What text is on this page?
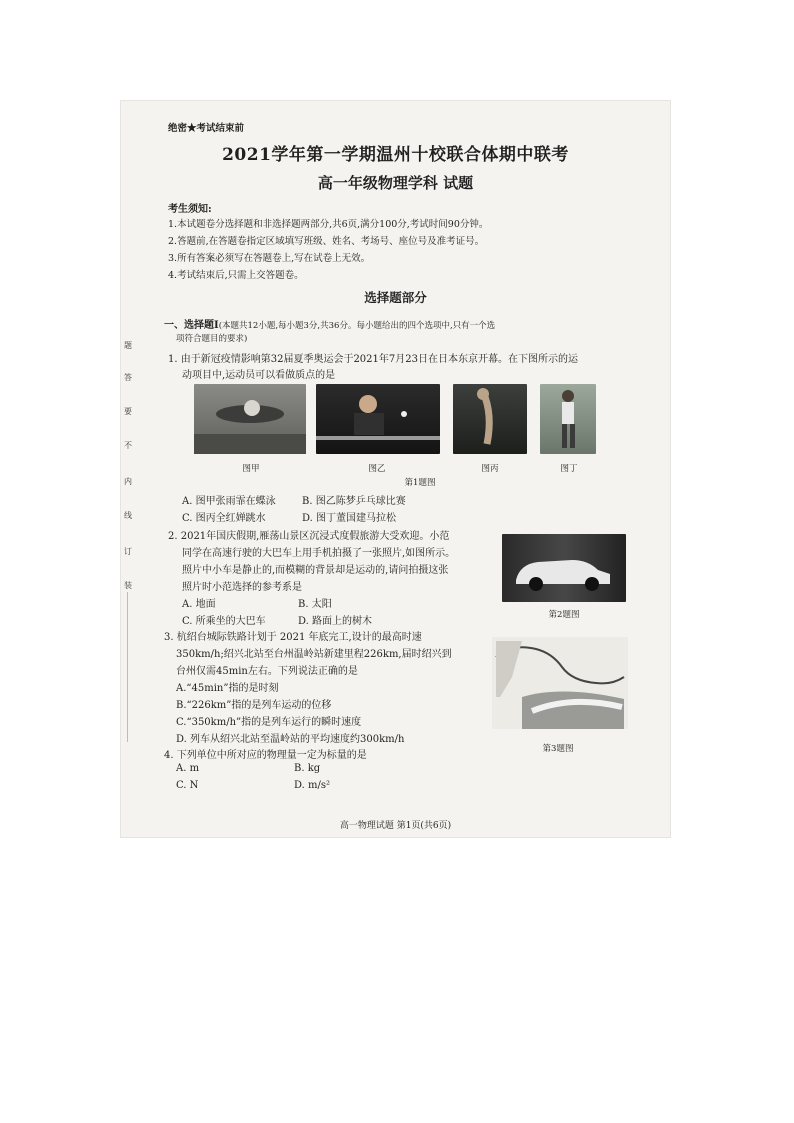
题
答
要
不
内
线
订
装
绝密★考试结束前
2021学年第一学期温州十校联合体期中联考
高一年级物理学科 试题
考生须知:
1.本试题卷分选择题和非选择题两部分,共6页,满分100分,考试时间90分钟。
2.答题前,在答题卷指定区域填写班级、姓名、考场号、座位号及准考证号。
3.所有答案必须写在答题卷上,写在试卷上无效。
4.考试结束后,只需上交答题卷。
选择题部分
一、选择题Ⅰ(本题共12小题,每小题3分,共36分。每小题给出的四个选项中,只有一个选
项符合题目的要求)
1. 由于新冠疫情影响第32届夏季奥运会于2021年7月23日在日本东京开幕。在下图所示的运
动项目中,运动员可以看做质点的是
图甲	图乙	图丙	图丁
第1题图
A. 图甲张雨霏在蝶泳	B. 图乙陈梦乒乓球比赛
C. 图丙全红婵跳水	D. 图丁董国建马拉松
2. 2021年国庆假期,雁荡山景区沉浸式度假旅游大受欢迎。小范
同学在高速行驶的大巴车上用手机拍摄了一张照片,如图所示。
照片中小车是静止的,而模糊的背景却是运动的,请问拍摄这张
照片时小范选择的参考系是
A. 地面	B. 太阳
C. 所乘坐的大巴车	D. 路面上的树木
第2题图
3. 杭绍台城际铁路计划于 2021 年底完工,设计的最高时速
350km/h;绍兴北站至台州温岭站新建里程226km,届时绍兴到
台州仅需45min左右。下列说法正确的是
A.“45min”指的是时刻
B.“226km”指的是列车运动的位移
C.“350km/h”指的是列车运行的瞬时速度
D. 列车从绍兴北站至温岭站的平均速度约300km/h
第3题图
4. 下列单位中所对应的物理量一定为标量的是
A. m	B. kg
C. N	D. m/s²
高一物理试题 第1页(共6页)
